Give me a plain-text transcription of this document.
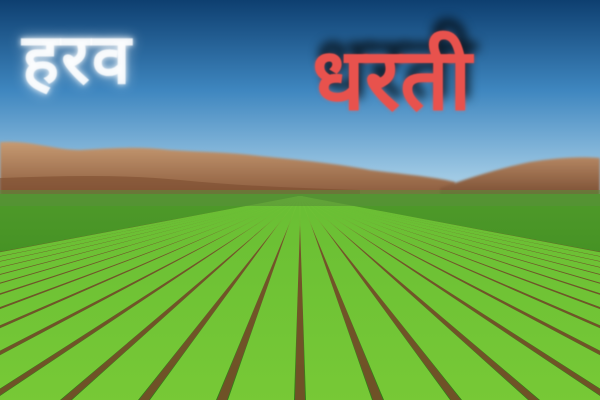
हरव धरती
